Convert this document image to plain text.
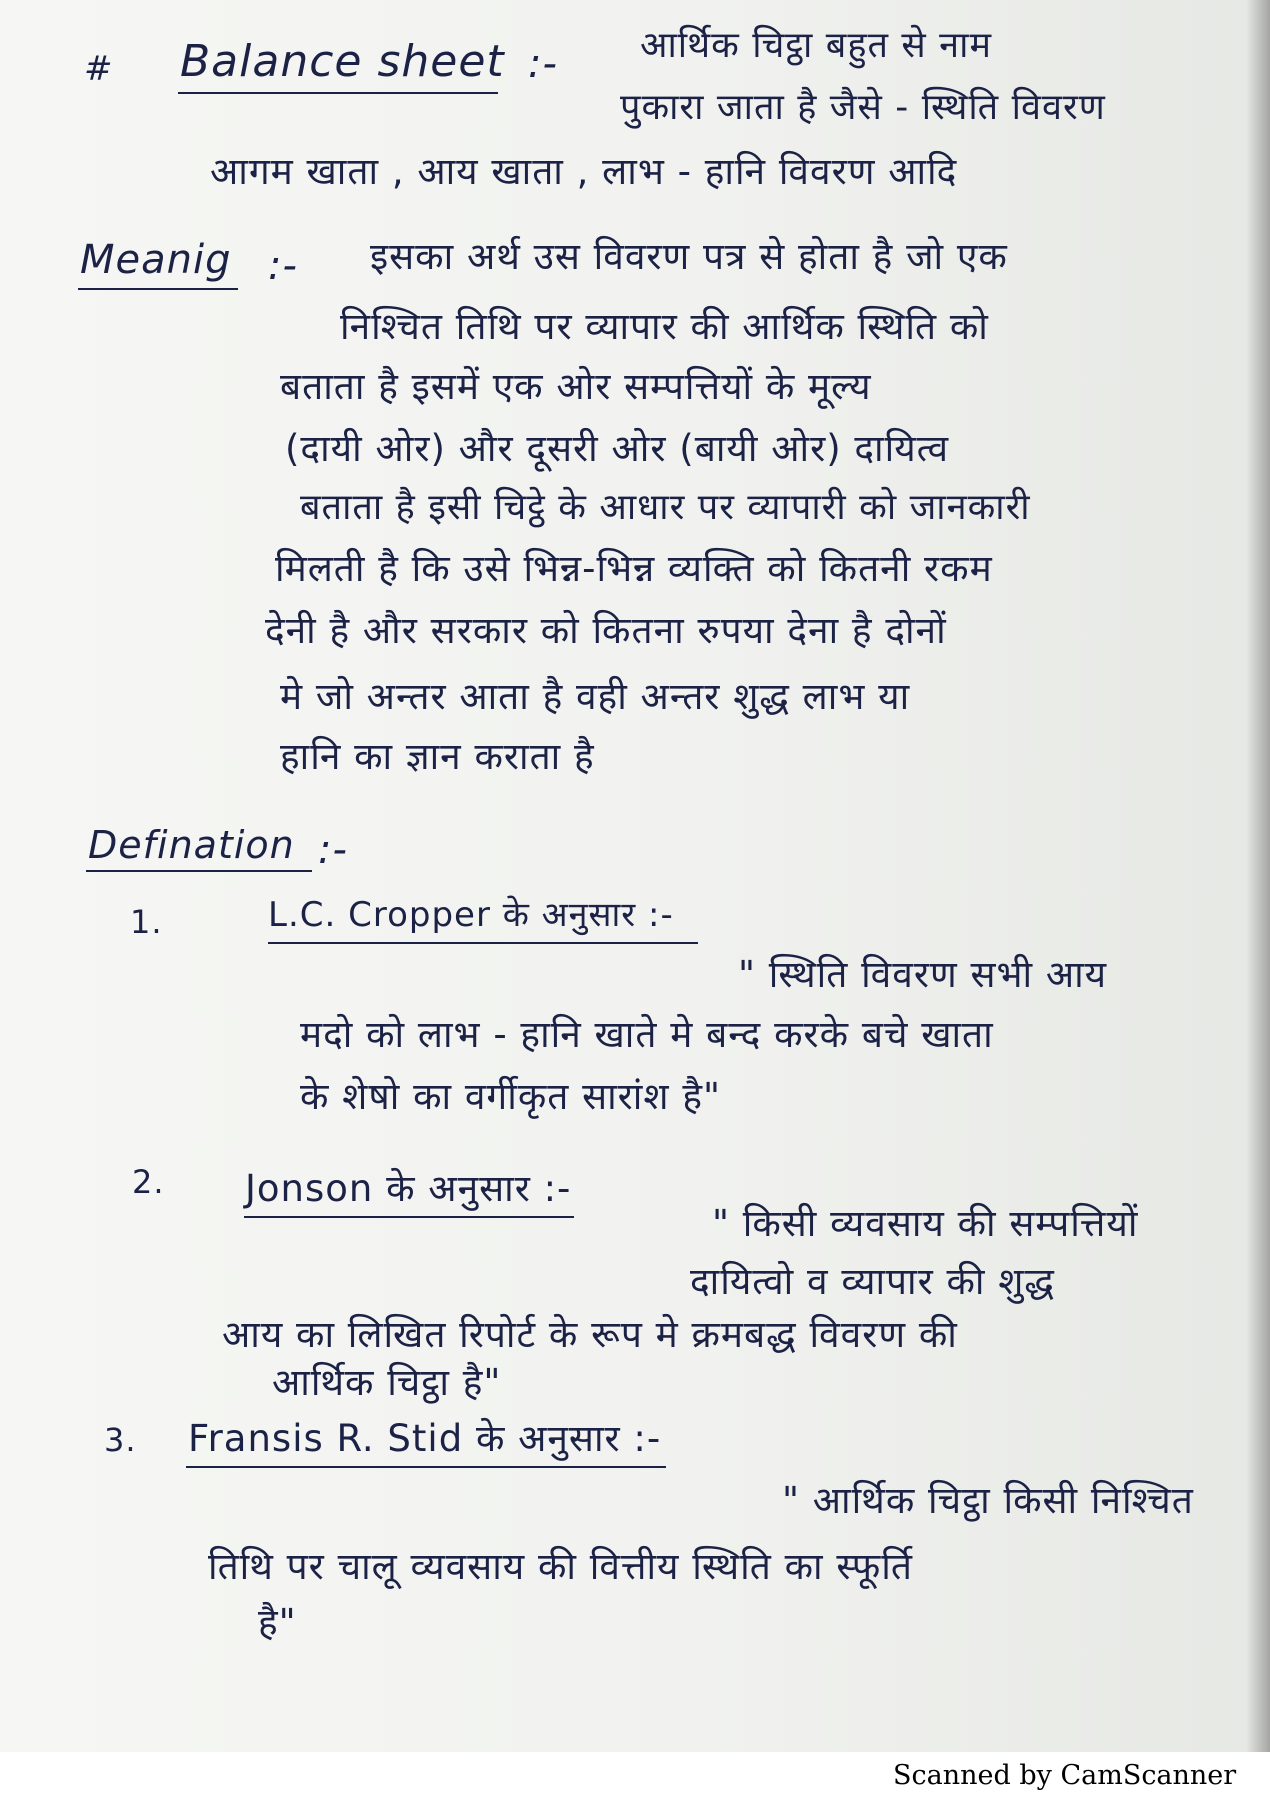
# Balance sheet :- आर्थिक चिट्ठा बहुत से नाम
पुकारा जाता है जैसे - स्थिति विवरण
आगम खाता , आय खाता , लाभ - हानि विवरण आदि
Meanig :- इसका अर्थ उस विवरण पत्र से होता है जो एक
निश्चित तिथि पर व्यापार की आर्थिक स्थिति को
बताता है इसमें एक ओर सम्पत्तियों के मूल्य
(दायी ओर) और दूसरी ओर (बायी ओर) दायित्व
बताता है इसी चिट्ठे के आधार पर व्यापारी को जानकारी
मिलती है कि उसे भिन्न-भिन्न व्यक्ति को कितनी रकम
देनी है और सरकार को कितना रुपया देना है दोनों
मे जो अन्तर आता है वही अन्तर शुद्ध लाभ या
हानि का ज्ञान कराता है
Defination :-
1.	L.C. Cropper के अनुसार :-
" स्थिति विवरण सभी आय
मदो को लाभ - हानि खाते मे बन्द करके बचे खाता
के शेषो का वर्गीकृत सारांश है"
2. Jonson के अनुसार :-
" किसी व्यवसाय की सम्पत्तियों
दायित्वो व व्यापार की शुद्ध
आय का लिखित रिपोर्ट के रूप मे क्रमबद्ध विवरण की
आर्थिक चिट्ठा है"
3. Fransis R. Stid के अनुसार :-
" आर्थिक चिट्ठा किसी निश्चित
तिथि पर चालू व्यवसाय की वित्तीय स्थिति का स्फूर्ति
है"
Scanned by CamScanner
